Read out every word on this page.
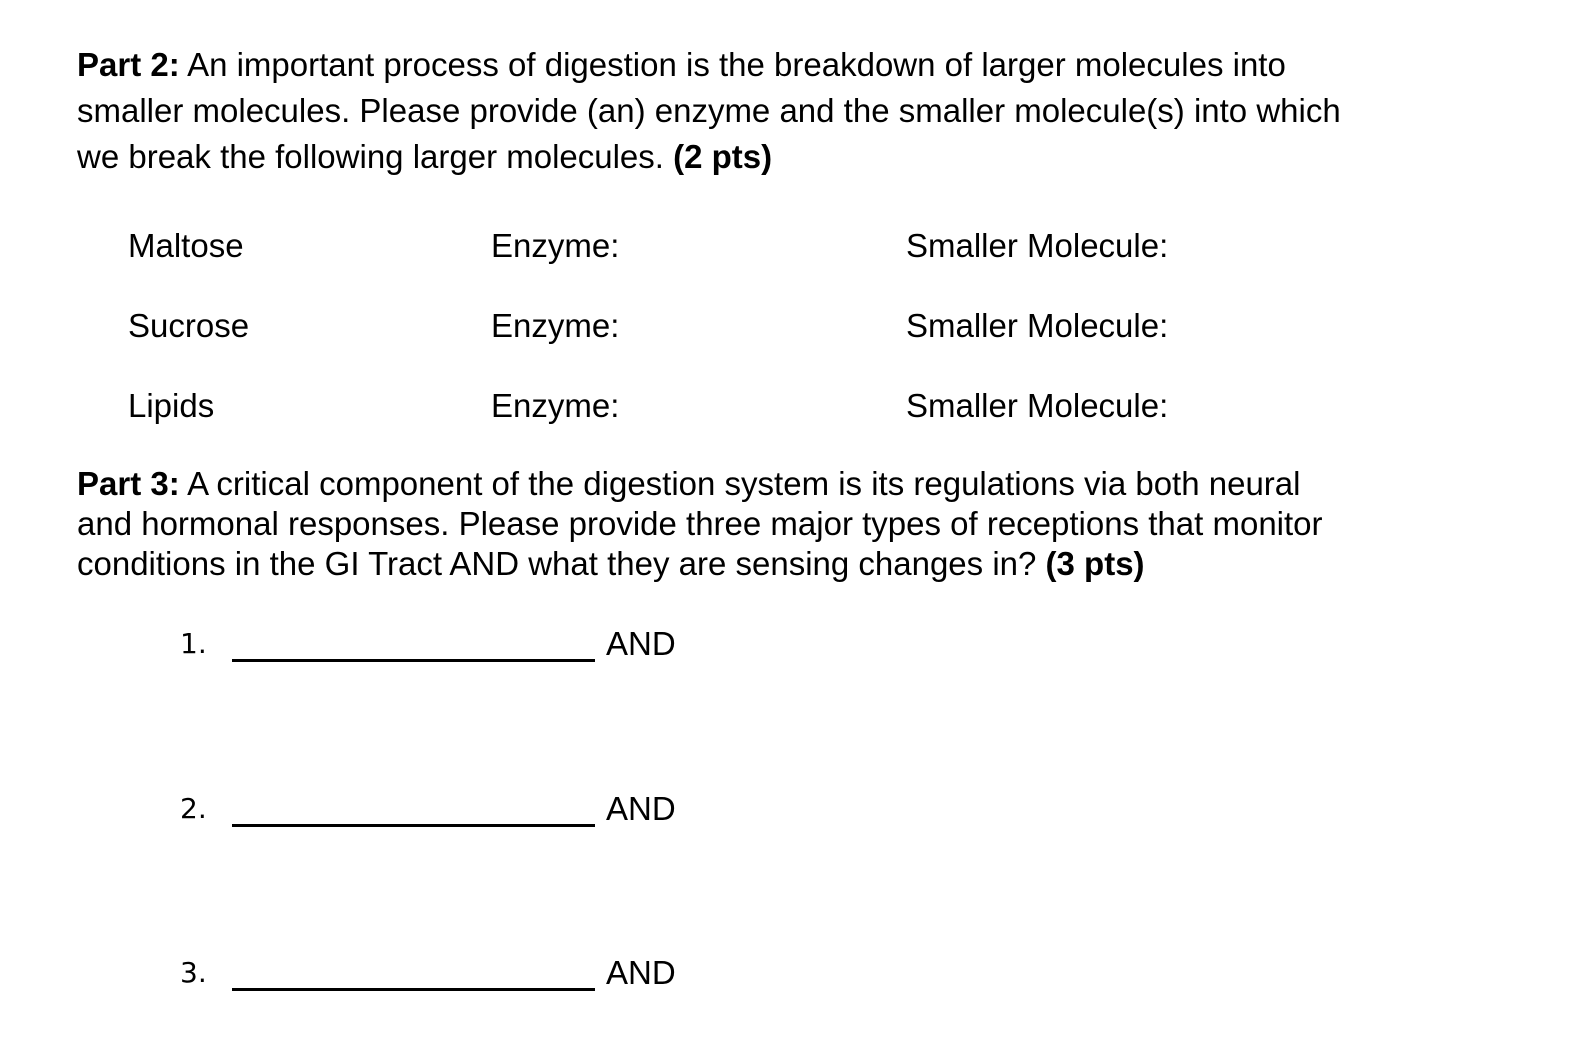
Part 2: An important process of digestion is the breakdown of larger molecules into
smaller molecules. Please provide (an) enzyme and the smaller molecule(s) into which
we break the following larger molecules. (2 pts)
Maltose	Enzyme:	Smaller Molecule:
Sucrose	Enzyme:	Smaller Molecule:
Lipids	Enzyme:	Smaller Molecule:
Part 3: A critical component of the digestion system is its regulations via both neural
and hormonal responses. Please provide three major types of receptions that monitor
conditions in the GI Tract AND what they are sensing changes in? (3 pts)
1.	AND
2.	AND
3.	AND
